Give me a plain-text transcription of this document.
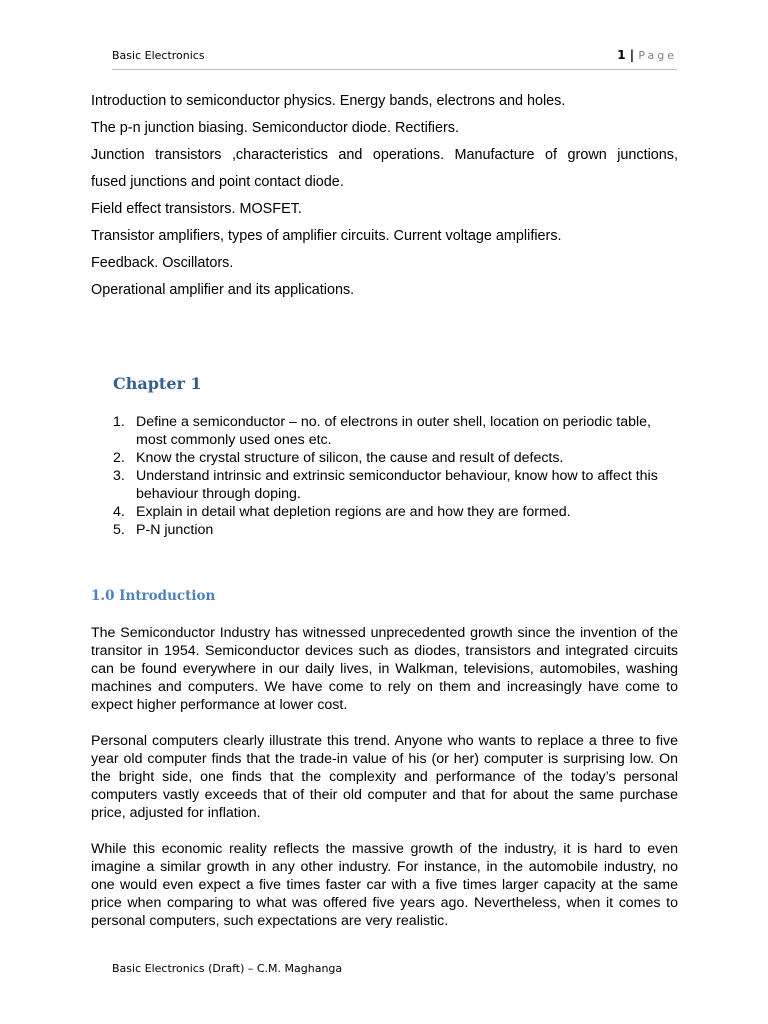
Basic Electronics	1 | Page

Introduction to semiconductor physics. Energy bands, electrons and holes.

The p-n junction biasing. Semiconductor diode. Rectifiers.

Junction transistors ,characteristics and operations. Manufacture of grown junctions,

fused junctions and point contact diode.

Field effect transistors. MOSFET.

Transistor amplifiers, types of amplifier circuits. Current voltage amplifiers.

Feedback. Oscillators.

Operational amplifier and its applications.

Chapter 1
1. Define a semiconductor – no. of electrons in outer shell, location on periodic table, most commonly used ones etc.
2. Know the crystal structure of silicon, the cause and result of defects.
3. Understand intrinsic and extrinsic semiconductor behaviour, know how to affect this behaviour through doping.
4. Explain in detail what depletion regions are and how they are formed.
5. P-N junction
1.0 Introduction

The Semiconductor Industry has witnessed unprecedented growth since the invention of the transitor in 1954. Semiconductor devices such as diodes, transistors and integrated circuits can be found everywhere in our daily lives, in Walkman, televisions, automobiles, washing machines and computers. We have come to rely on them and increasingly have come to expect higher performance at lower cost.

Personal computers clearly illustrate this trend. Anyone who wants to replace a three to five year old computer finds that the trade-in value of his (or her) computer is surprising low. On the bright side, one finds that the complexity and performance of the today’s personal computers vastly exceeds that of their old computer and that for about the same purchase price, adjusted for inflation.

While this economic reality reflects the massive growth of the industry, it is hard to even imagine a similar growth in any other industry. For instance, in the automobile industry, no one would even expect a five times faster car with a five times larger capacity at the same price when comparing to what was offered five years ago. Nevertheless, when it comes to personal computers, such expectations are very realistic.

Basic Electronics (Draft) – C.M. Maghanga
